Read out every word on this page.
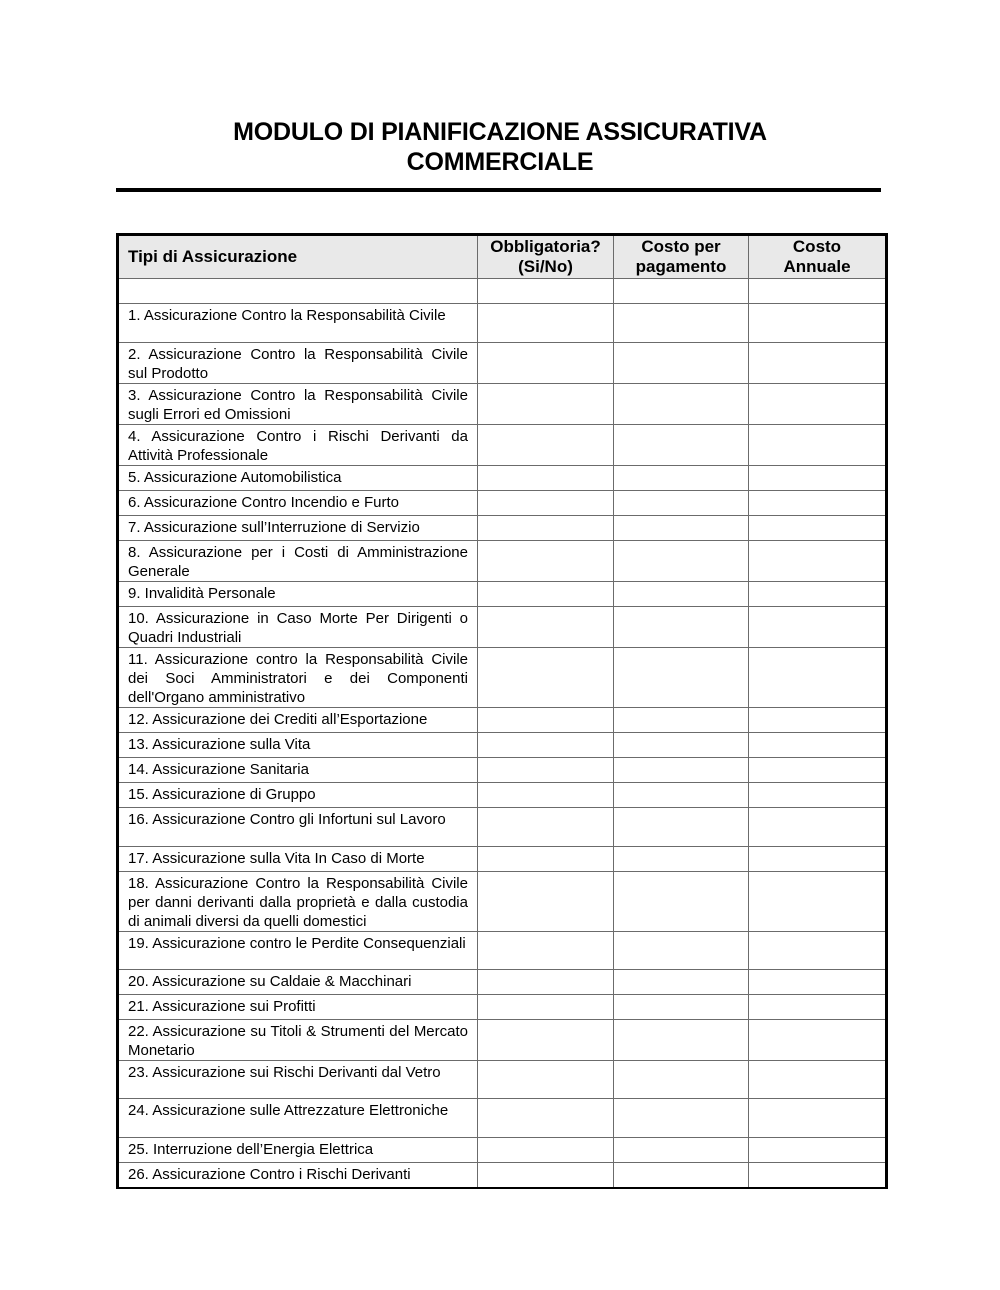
MODULO DI PIANIFICAZIONE ASSICURATIVA
COMMERCIALE
Tipi di Assicurazione	
Obbligatoria?
(Si/No)

Costo per
pagamento

Costo
Annuale

1. Assicurazione Contro la Responsabilità Civile			
2. Assicurazione Contro la Responsabilità Civile sul Prodotto			
3. Assicurazione Contro la Responsabilità Civile sugli Errori ed Omissioni			
4. Assicurazione Contro i Rischi Derivanti da Attività Professionale			
5. Assicurazione Automobilistica			
6. Assicurazione Contro Incendio e Furto			
7. Assicurazione sull’Interruzione di Servizio			
8. Assicurazione per i Costi di Amministrazione Generale			
9. Invalidità Personale			
10. Assicurazione in Caso Morte Per Dirigenti o Quadri Industriali			
11. Assicurazione contro la Responsabilità Civile dei Soci Amministratori e dei Componenti dell'Organo amministrativo			
12. Assicurazione dei Crediti all’Esportazione			
13. Assicurazione sulla Vita			
14. Assicurazione Sanitaria			
15. Assicurazione di Gruppo			
16. Assicurazione Contro gli Infortuni sul Lavoro			
17. Assicurazione sulla Vita In Caso di Morte			
18. Assicurazione Contro la Responsabilità Civile per danni derivanti dalla proprietà e dalla custodia di animali diversi da quelli domestici			
19. Assicurazione contro le Perdite Consequenziali			
20. Assicurazione su Caldaie & Macchinari			
21. Assicurazione sui Profitti			
22. Assicurazione su Titoli & Strumenti del Mercato Monetario			
23. Assicurazione sui Rischi Derivanti dal Vetro			
24. Assicurazione sulle Attrezzature Elettroniche			
25. Interruzione dell’Energia Elettrica			
26. Assicurazione Contro i Rischi Derivanti			
